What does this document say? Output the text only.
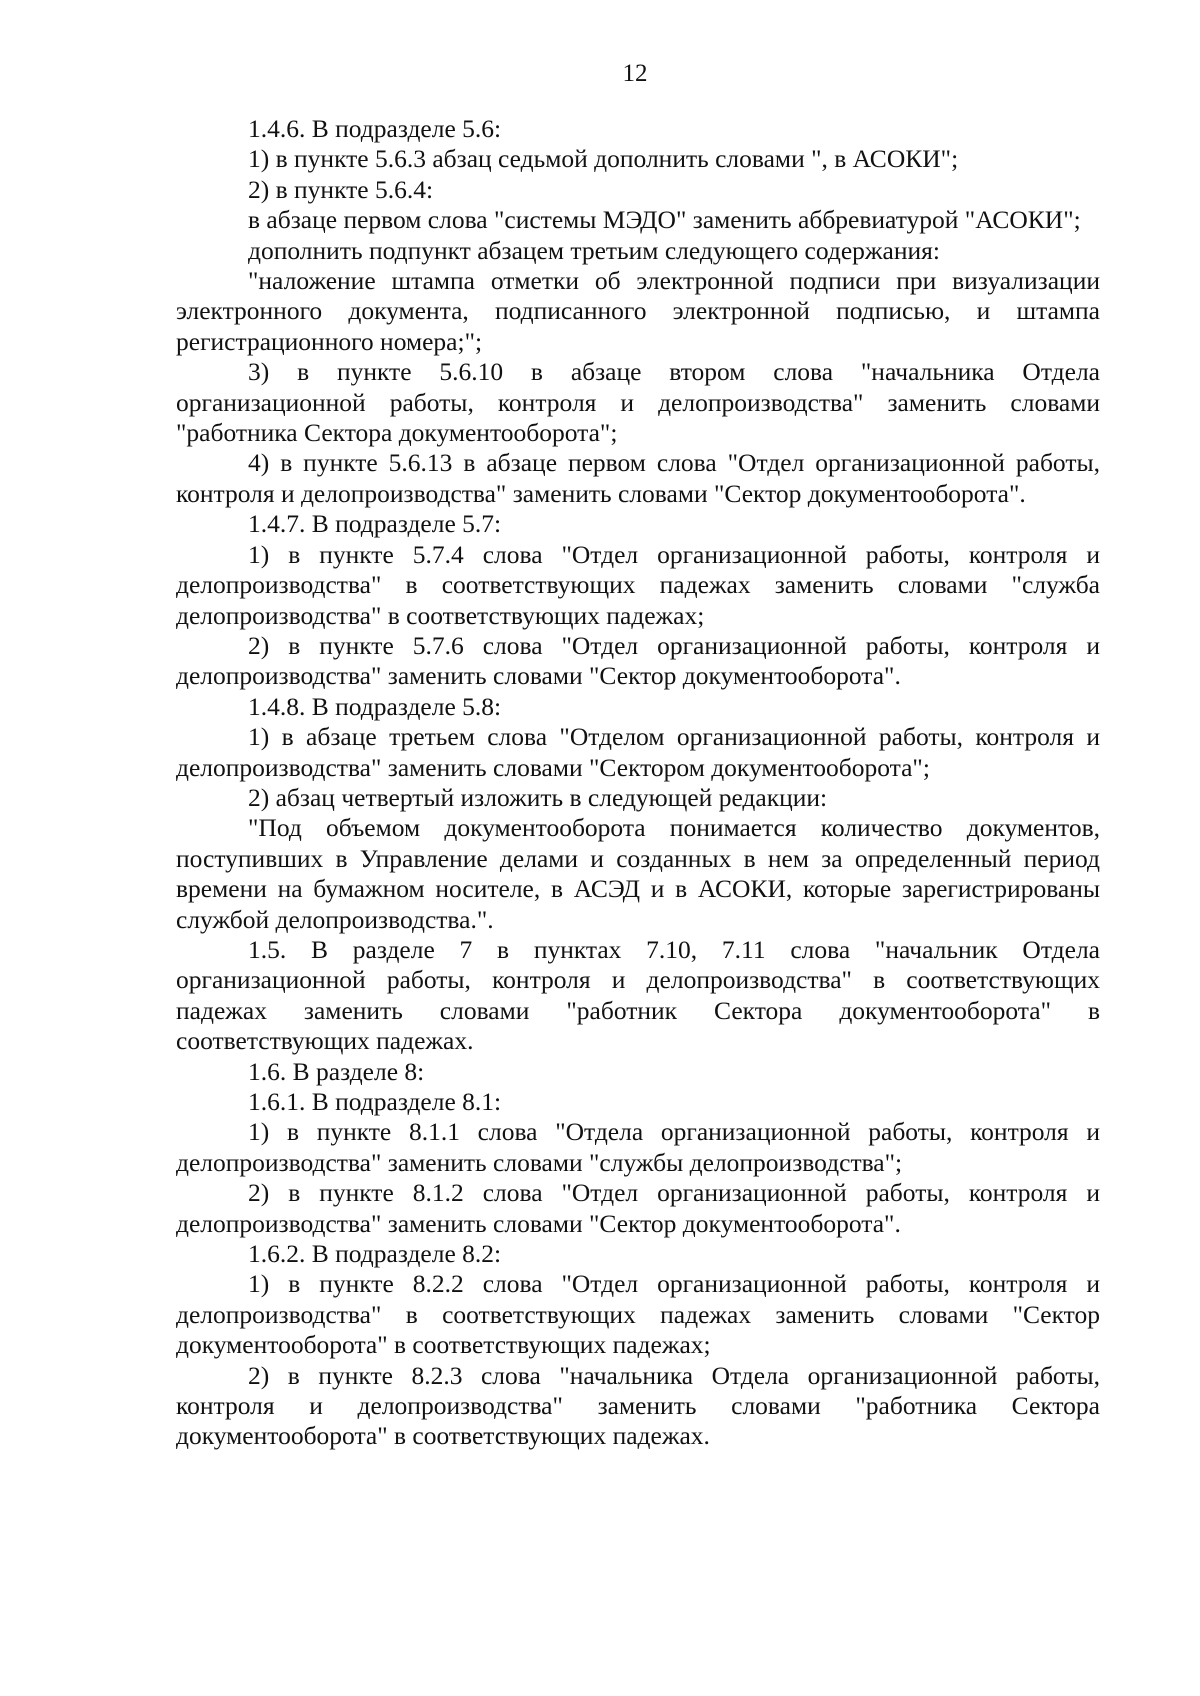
12

1.4.6. В подразделе 5.6:

1) в пункте 5.6.3 абзац седьмой дополнить словами ", в АСОКИ";

2) в пункте 5.6.4:

в абзаце первом слова "системы МЭДО" заменить аббревиатурой "АСОКИ";

дополнить подпункт абзацем третьим следующего содержания:

"наложение штампа отметки об электронной подписи при визуализации электронного документа, подписанного электронной подписью, и штампа регистрационного номера;";

3) в пункте 5.6.10 в абзаце втором слова "начальника Отдела организационной работы, контроля и делопроизводства" заменить словами "работника Сектора документооборота";

4) в пункте 5.6.13 в абзаце первом слова "Отдел организационной работы, контроля и делопроизводства" заменить словами "Сектор документооборота".

1.4.7. В подразделе 5.7:

1) в пункте 5.7.4 слова "Отдел организационной работы, контроля и делопроизводства" в соответствующих падежах заменить словами "служба делопроизводства" в соответствующих падежах;

2) в пункте 5.7.6 слова "Отдел организационной работы, контроля и делопроизводства" заменить словами "Сектор документооборота".

1.4.8. В подразделе 5.8:

1) в абзаце третьем слова "Отделом организационной работы, контроля и делопроизводства" заменить словами "Сектором документооборота";

2) абзац четвертый изложить в следующей редакции:

"Под объемом документооборота понимается количество документов, поступивших в Управление делами и созданных в нем за определенный период времени на бумажном носителе, в АСЭД и в АСОКИ, которые зарегистрированы службой делопроизводства.".

1.5. В разделе 7 в пунктах 7.10, 7.11 слова "начальник Отдела организационной работы, контроля и делопроизводства" в соответствующих падежах заменить словами "работник Сектора документооборота" в соответствующих падежах.

1.6. В разделе 8:

1.6.1. В подразделе 8.1:

1) в пункте 8.1.1 слова "Отдела организационной работы, контроля и делопроизводства" заменить словами "службы делопроизводства";

2) в пункте 8.1.2 слова "Отдел организационной работы, контроля и делопроизводства" заменить словами "Сектор документооборота".

1.6.2. В подразделе 8.2:

1) в пункте 8.2.2 слова "Отдел организационной работы, контроля и делопроизводства" в соответствующих падежах заменить словами "Сектор документооборота" в соответствующих падежах;

2) в пункте 8.2.3 слова "начальника Отдела организационной работы, контроля и делопроизводства" заменить словами "работника Сектора документооборота" в соответствующих падежах.
